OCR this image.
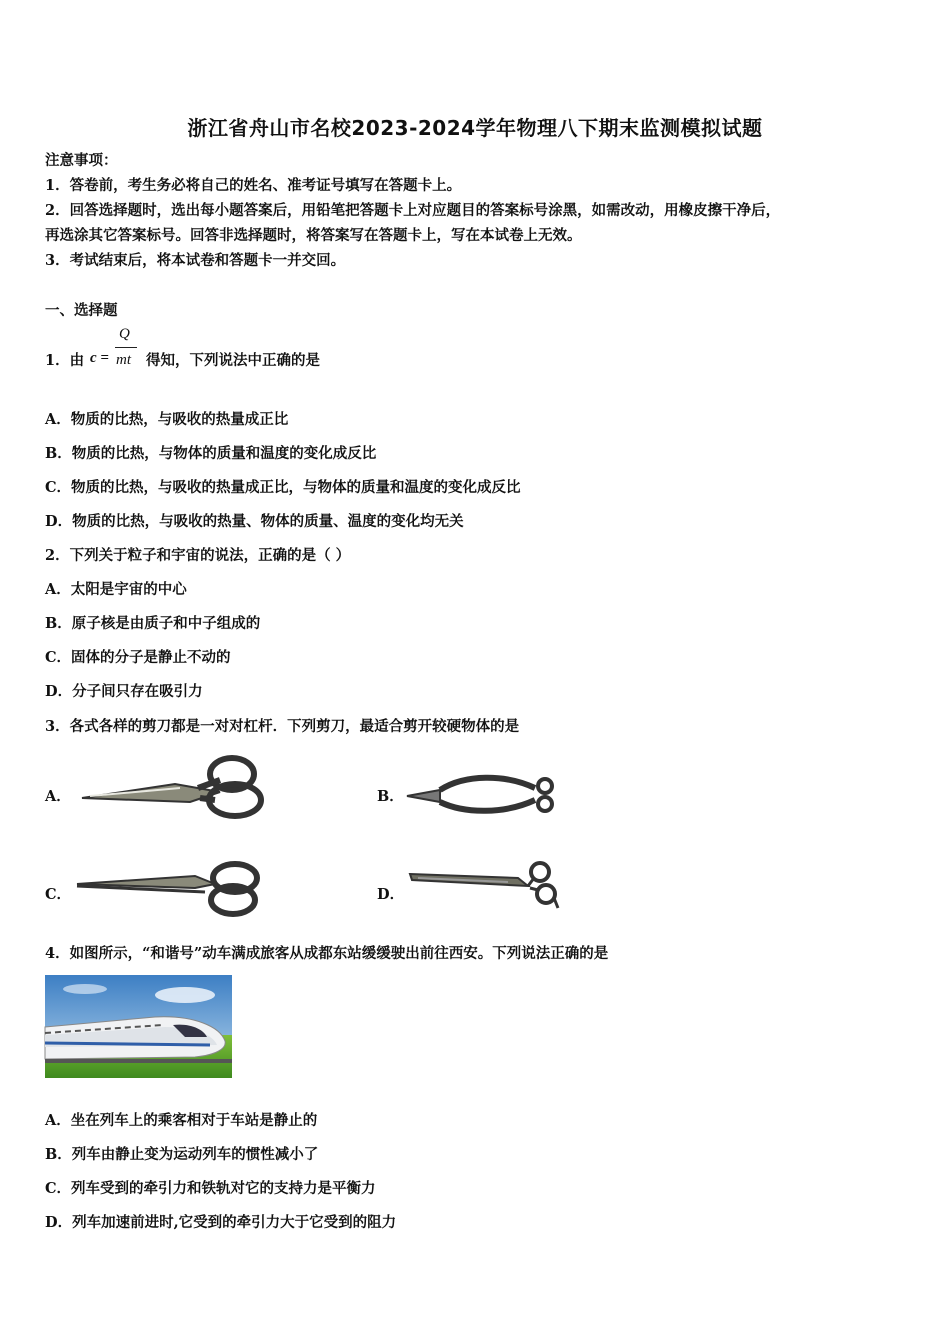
浙江省舟山市名校2023-2024学年物理八下期末监测模拟试题
注意事项：
1．答卷前，考生务必将自己的姓名、准考证号填写在答题卡上。
2．回答选择题时，选出每小题答案后，用铅笔把答题卡上对应题目的答案标号涂黑，如需改动，用橡皮擦干净后，
再选涂其它答案标号。回答非选择题时，将答案写在答题卡上，写在本试卷上无效。
3．考试结束后，将本试卷和答题卡一并交回。
一、选择题
1．由 c =
Q
mt 得知，下列说法中正确的是
A．物质的比热，与吸收的热量成正比
B．物质的比热，与物体的质量和温度的变化成反比
C．物质的比热，与吸收的热量成正比，与物体的质量和温度的变化成反比
D．物质的比热，与吸收的热量、物体的质量、温度的变化均无关
2．下列关于粒子和宇宙的说法，正确的是（ ）
A．太阳是宇宙的中心
B．原子核是由质子和中子组成的
C．固体的分子是静止不动的
D．分子间只存在吸引力
3．各式各样的剪刀都是一对对杠杆．下列剪刀，最适合剪开较硬物体的是
A．	B．
C．	D．
4．如图所示，“和谐号”动车满成旅客从成都东站缓缓驶出前往西安。下列说法正确的是
A．坐在列车上的乘客相对于车站是静止的
B．列车由静止变为运动列车的惯性减小了
C．列车受到的牵引力和铁轨对它的支持力是平衡力
D．列车加速前进时,它受到的牵引力大于它受到的阻力
